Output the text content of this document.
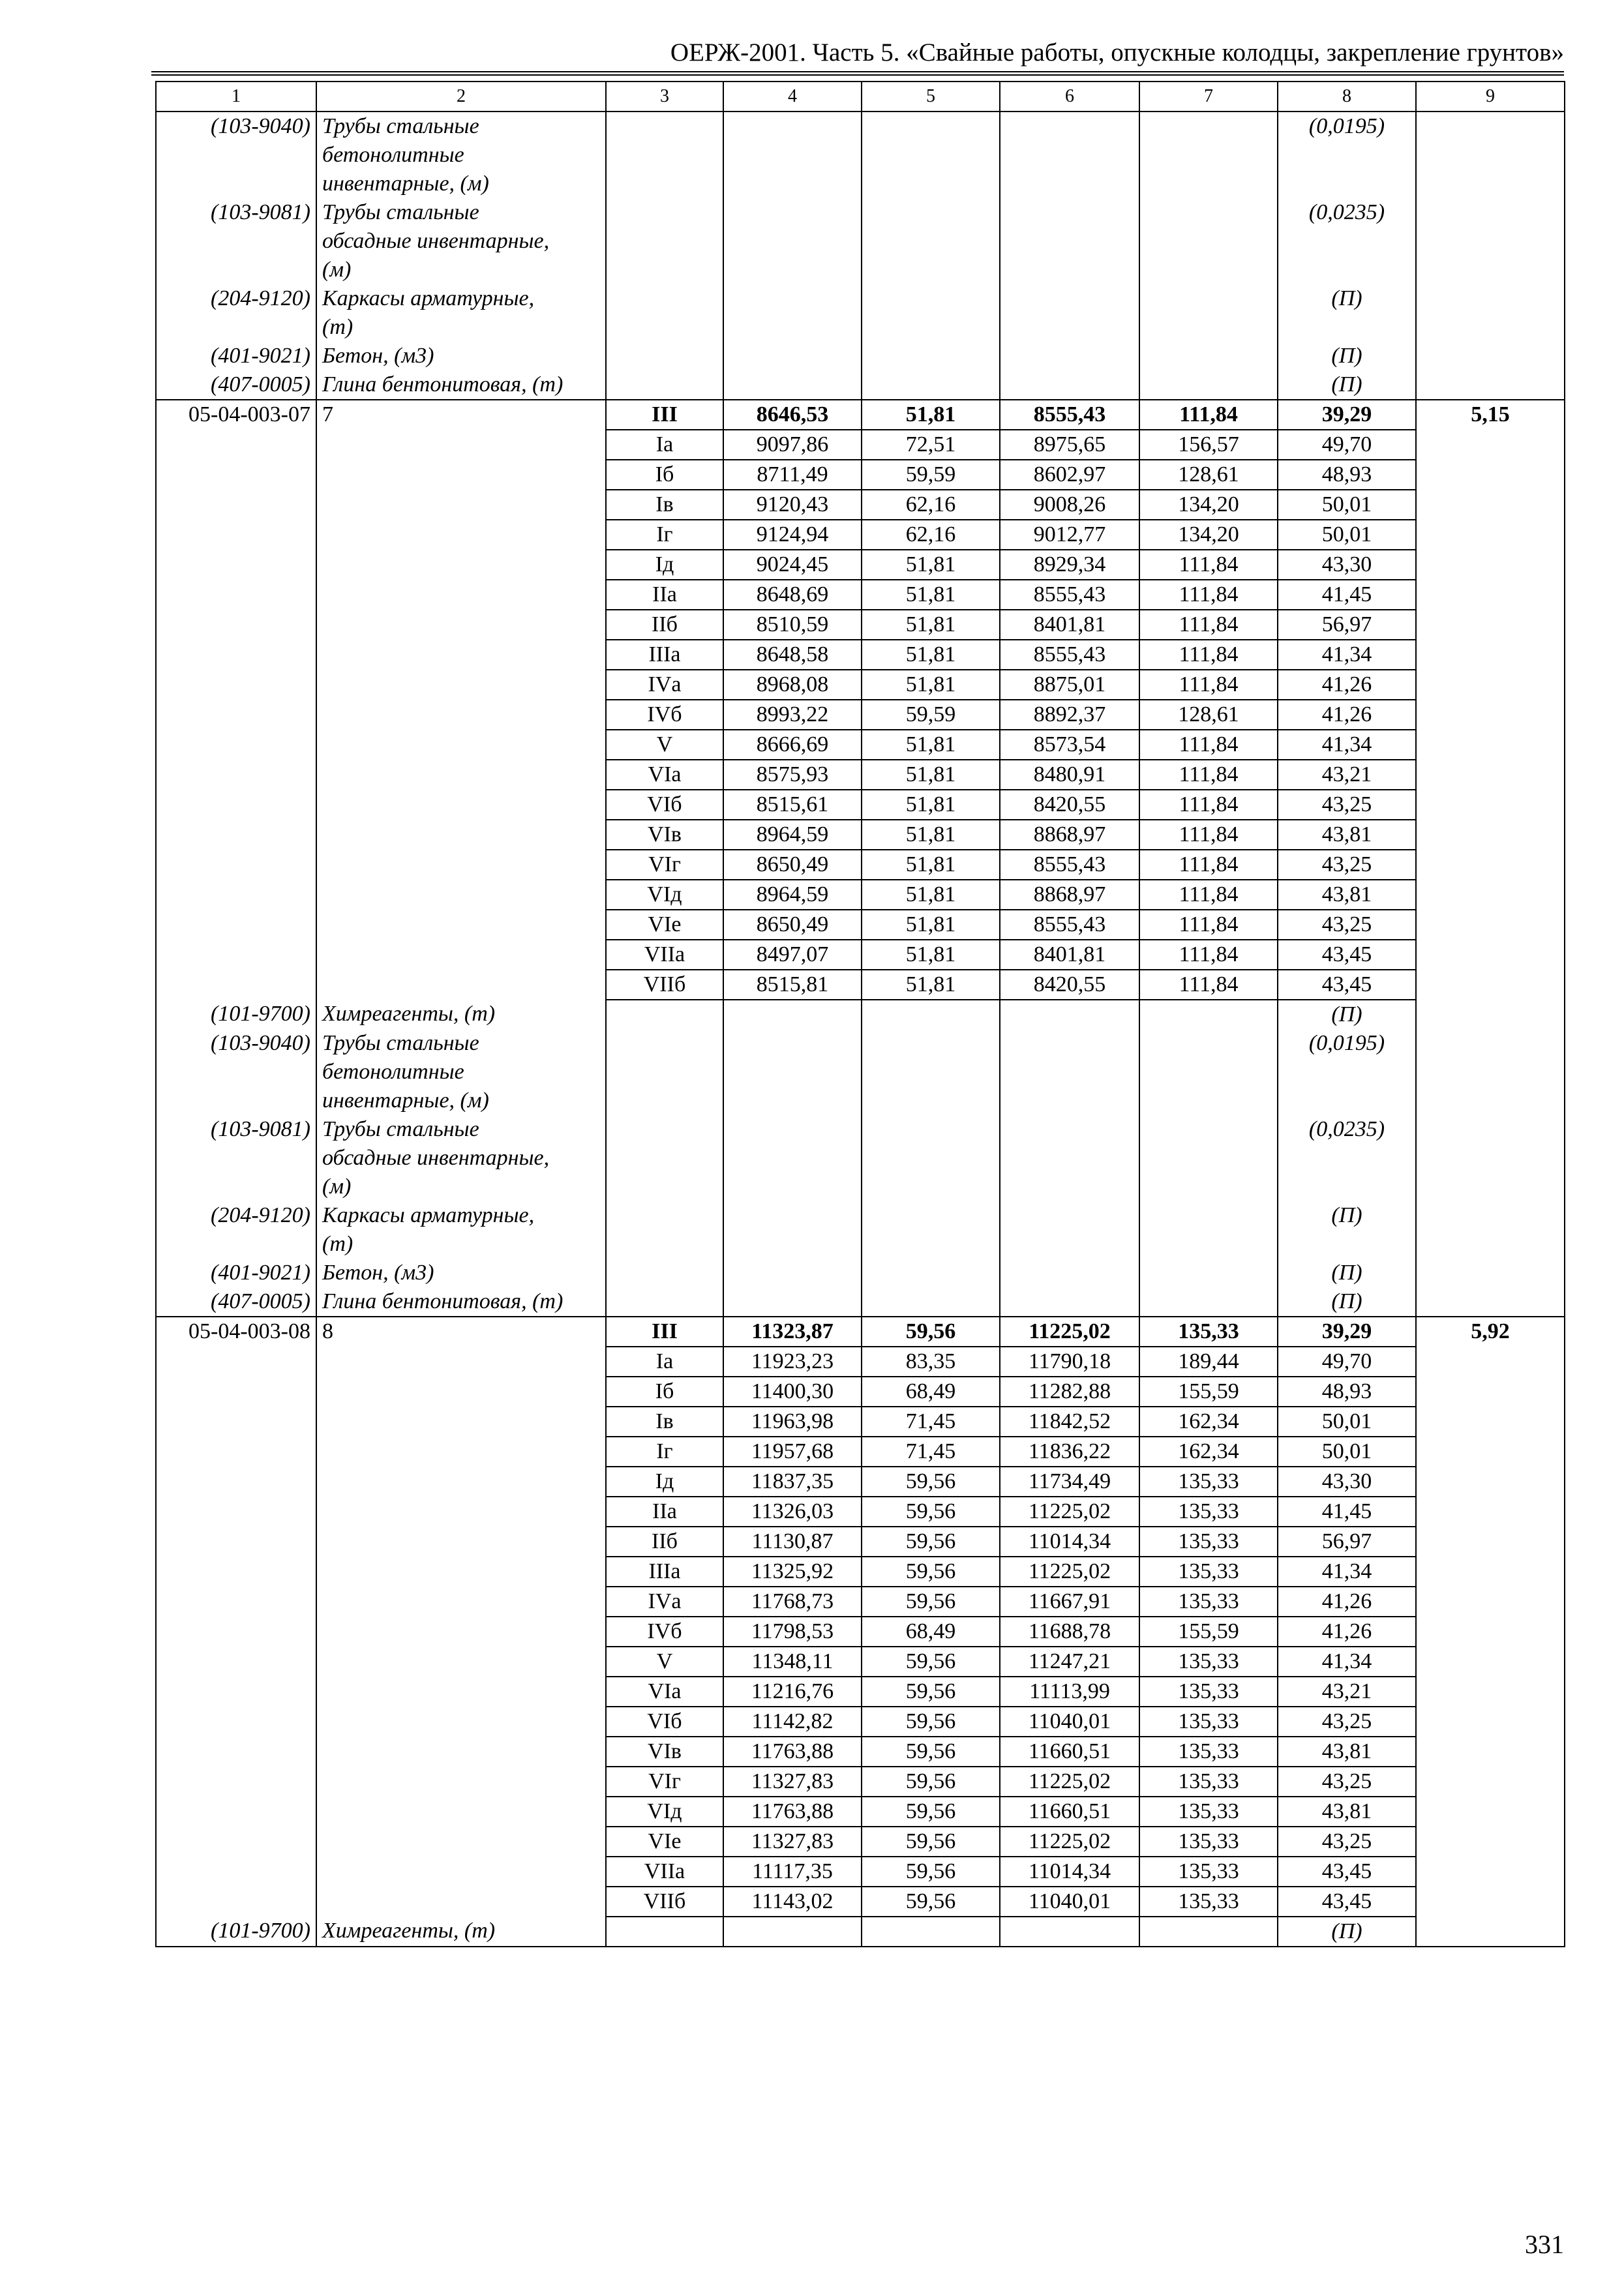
ОЕРЖ-2001. Часть 5. «Свайные работы, опускные колодцы, закрепление грунтов»
1	2	3	4	5	6	7	8	9
(103-9040)	Трубы стальные
бетонолитные
инвентарные, (м)						(0,0195)	
(103-9081)	Трубы стальные
обсадные инвентарные,
(м)						(0,0235)	
(204-9120)	Каркасы арматурные,
(т)						(П)	
(401-9021)	Бетон, (м3)						(П)	
(407-0005)	Глина бентонитовая, (т)						(П)	
05-04-003-07	7	III	8646,53	51,81	8555,43	111,84	39,29	5,15
		Iа	9097,86	72,51	8975,65	156,57	49,70	
		Iб	8711,49	59,59	8602,97	128,61	48,93	
		Iв	9120,43	62,16	9008,26	134,20	50,01	
		Iг	9124,94	62,16	9012,77	134,20	50,01	
		Iд	9024,45	51,81	8929,34	111,84	43,30	
		IIа	8648,69	51,81	8555,43	111,84	41,45	
		IIб	8510,59	51,81	8401,81	111,84	56,97	
		IIIа	8648,58	51,81	8555,43	111,84	41,34	
		IVа	8968,08	51,81	8875,01	111,84	41,26	
		IVб	8993,22	59,59	8892,37	128,61	41,26	
		V	8666,69	51,81	8573,54	111,84	41,34	
		VIа	8575,93	51,81	8480,91	111,84	43,21	
		VIб	8515,61	51,81	8420,55	111,84	43,25	
		VIв	8964,59	51,81	8868,97	111,84	43,81	
		VIг	8650,49	51,81	8555,43	111,84	43,25	
		VIд	8964,59	51,81	8868,97	111,84	43,81	
		VIе	8650,49	51,81	8555,43	111,84	43,25	
		VIIа	8497,07	51,81	8401,81	111,84	43,45	
		VIIб	8515,81	51,81	8420,55	111,84	43,45	
(101-9700)	Химреагенты, (т)						(П)	
(103-9040)	Трубы стальные
бетонолитные
инвентарные, (м)						(0,0195)	
(103-9081)	Трубы стальные
обсадные инвентарные,
(м)						(0,0235)	
(204-9120)	Каркасы арматурные,
(т)						(П)	
(401-9021)	Бетон, (м3)						(П)	
(407-0005)	Глина бентонитовая, (т)						(П)	
05-04-003-08	8	III	11323,87	59,56	11225,02	135,33	39,29	5,92
		Iа	11923,23	83,35	11790,18	189,44	49,70	
		Iб	11400,30	68,49	11282,88	155,59	48,93	
		Iв	11963,98	71,45	11842,52	162,34	50,01	
		Iг	11957,68	71,45	11836,22	162,34	50,01	
		Iд	11837,35	59,56	11734,49	135,33	43,30	
		IIа	11326,03	59,56	11225,02	135,33	41,45	
		IIб	11130,87	59,56	11014,34	135,33	56,97	
		IIIа	11325,92	59,56	11225,02	135,33	41,34	
		IVа	11768,73	59,56	11667,91	135,33	41,26	
		IVб	11798,53	68,49	11688,78	155,59	41,26	
		V	11348,11	59,56	11247,21	135,33	41,34	
		VIа	11216,76	59,56	11113,99	135,33	43,21	
		VIб	11142,82	59,56	11040,01	135,33	43,25	
		VIв	11763,88	59,56	11660,51	135,33	43,81	
		VIг	11327,83	59,56	11225,02	135,33	43,25	
		VIд	11763,88	59,56	11660,51	135,33	43,81	
		VIе	11327,83	59,56	11225,02	135,33	43,25	
		VIIа	11117,35	59,56	11014,34	135,33	43,45	
		VIIб	11143,02	59,56	11040,01	135,33	43,45	
(101-9700)	Химреагенты, (т)						(П)	
331
